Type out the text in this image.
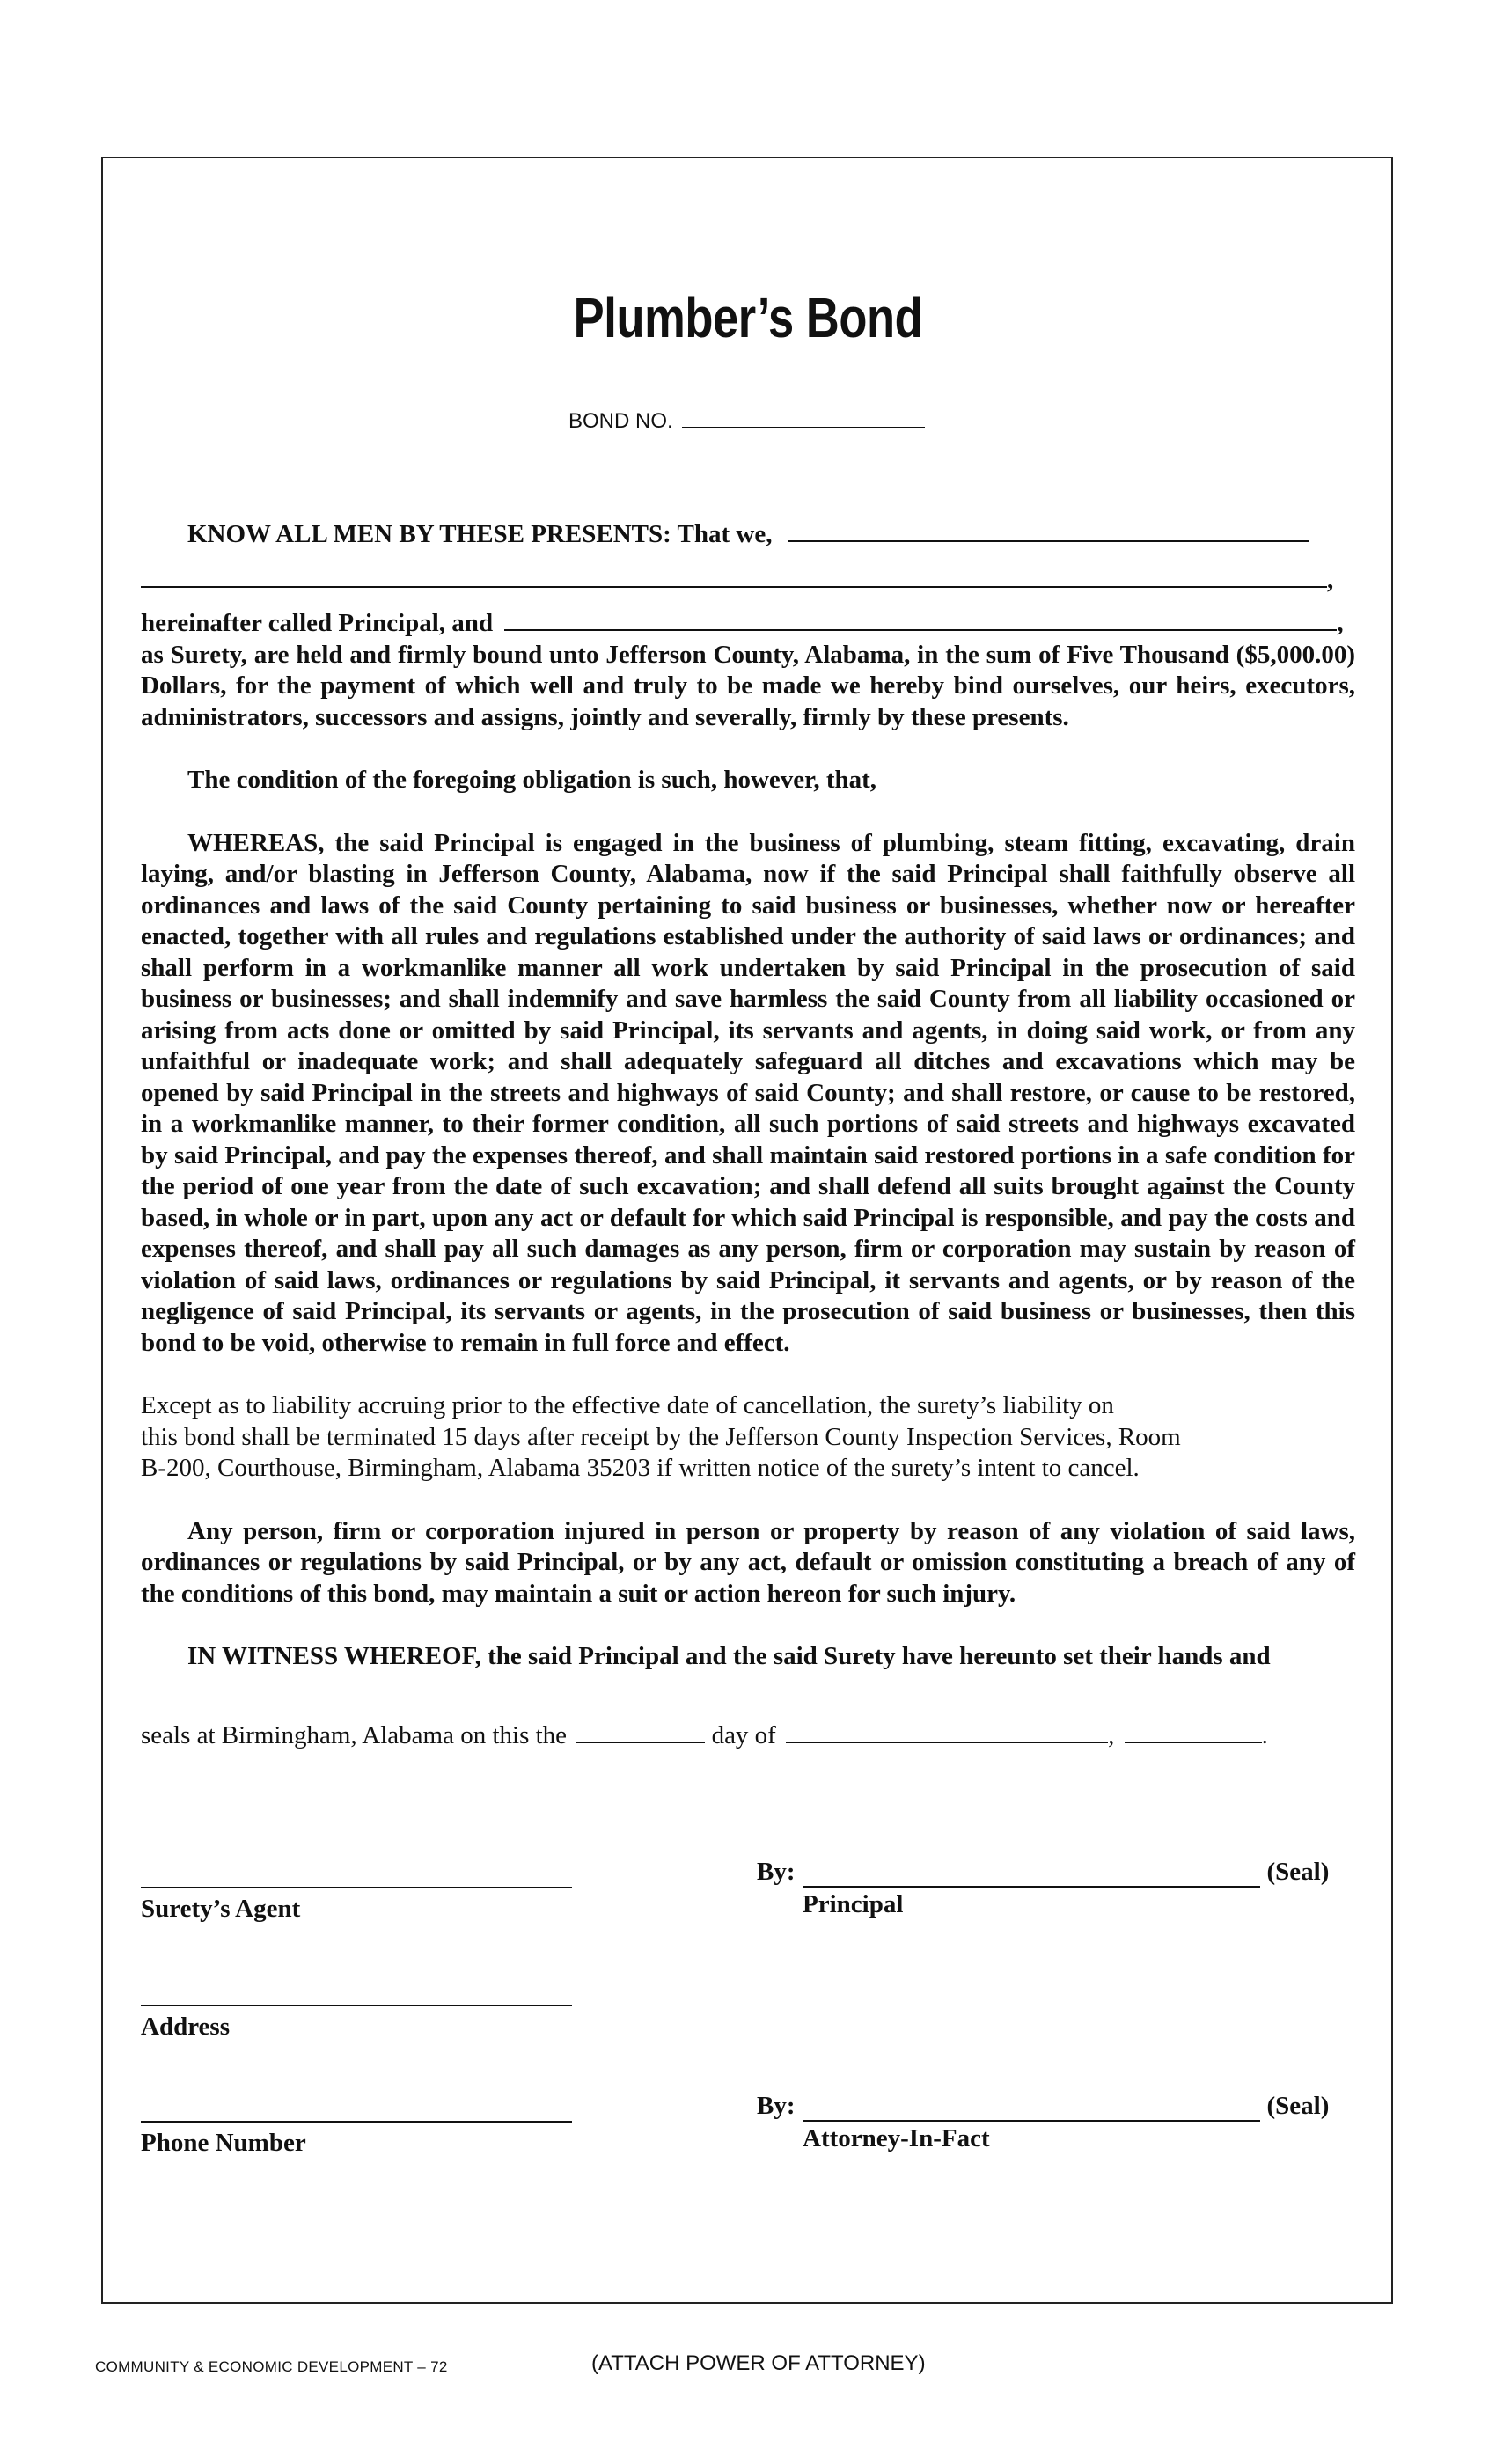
Plumber’s Bond
BOND NO.

KNOW ALL MEN BY THESE PRESENTS: That we,

,

hereinafter called Principal, and	,

as Surety, are held and firmly bound unto Jefferson County, Alabama, in the sum of Five Thousand ($5,000.00) Dollars, for the payment of which well and truly to be made we hereby bind ourselves, our heirs, executors, administrators, successors and assigns, jointly and severally, firmly by these presents.

The condition of the foregoing obligation is such, however, that,

WHEREAS, the said Principal is engaged in the business of plumbing, steam fitting, excavating, drain laying, and/or blasting in Jefferson County, Alabama, now if the said Principal shall faithfully observe all ordinances and laws of the said County pertaining to said business or businesses, whether now or hereafter enacted, together with all rules and regulations established under the authority of said laws or ordinances; and shall perform in a workmanlike manner all work undertaken by said Principal in the prosecution of said business or businesses; and shall indemnify and save harmless the said County from all liability occasioned or arising from acts done or omitted by said Principal, its servants and agents, in doing said work, or from any unfaithful or inadequate work; and shall adequately safeguard all ditches and excavations which may be opened by said Principal in the streets and highways of said County; and shall restore, or cause to be restored, in a workmanlike manner, to their former condition, all such portions of said streets and highways excavated by said Principal, and pay the expenses thereof, and shall maintain said restored portions in a safe condition for the period of one year from the date of such excavation; and shall defend all suits brought against the County based, in whole or in part, upon any act or default for which said Principal is responsible, and pay the costs and expenses thereof, and shall pay all such damages as any person, firm or corporation may sustain by reason of violation of said laws, ordinances or regulations by said Principal, it servants and agents, or by reason of the negligence of said Principal, its servants or agents, in the prosecution of said business or businesses, then this bond to be void, otherwise to remain in full force and effect.

Except as to liability accruing prior to the effective date of cancellation, the surety’s liability on
this bond shall be terminated 15 days after receipt by the Jefferson County Inspection Services, Room
B-200, Courthouse, Birmingham, Alabama 35203 if written notice of the surety’s intent to cancel.

Any person, firm or corporation injured in person or property by reason of any violation of said laws, ordinances or regulations by said Principal, or by any act, default or omission constituting a breach of any of the conditions of this bond, may maintain a suit or action hereon for such injury.

IN WITNESS WHEREOF, the said Principal and the said Surety have hereunto set their hands and

seals at Birmingham, Alabama on this the	day of	,	.

Surety’s Agent
Address
Phone Number
By:	(Seal)
Principal
By:	(Seal)
Attorney-In-Fact
COMMUNITY & ECONOMIC DEVELOPMENT – 72	(ATTACH POWER OF ATTORNEY)
